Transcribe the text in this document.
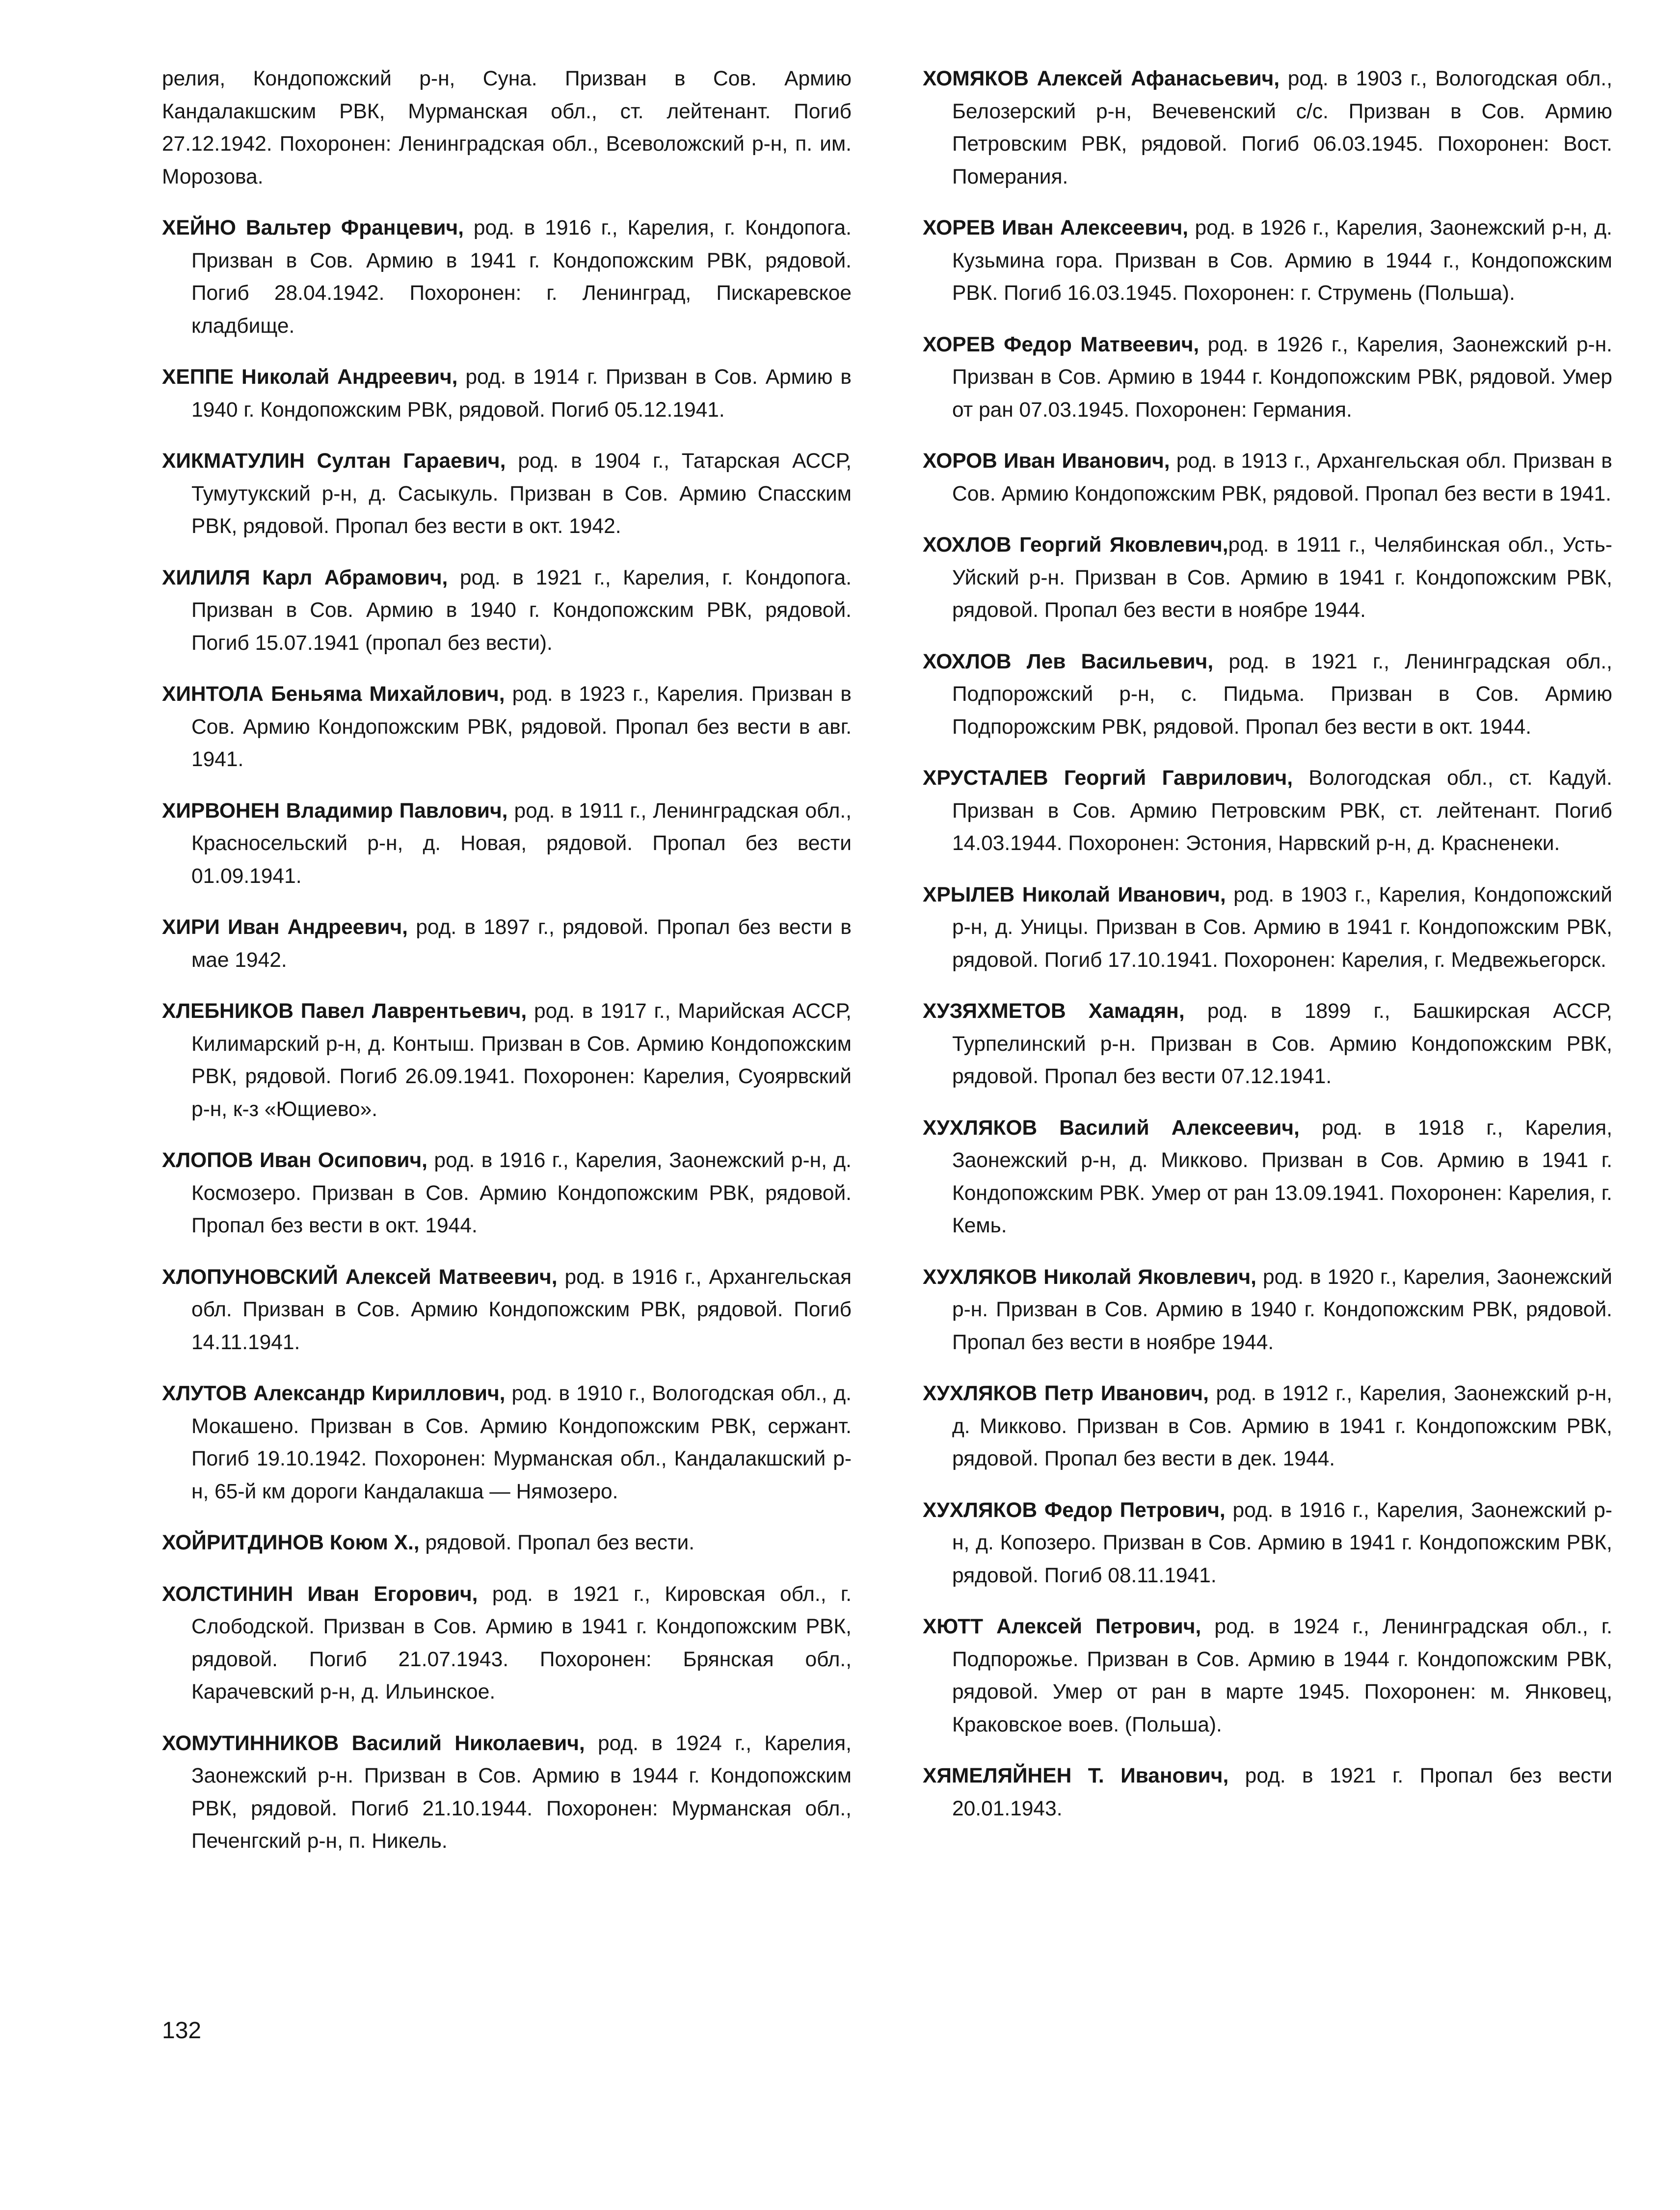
релия, Кондопожский р-н, Суна. Призван в Сов. Армию Кандалакшским РВК, Мурманская обл., ст. лейтенант. Погиб 27.12.1942. Похоронен: Ленинградская обл., Всеволожский р-н, п. им. Морозова.

ХЕЙНО Вальтер Францевич, род. в 1916 г., Карелия, г. Кондопога. Призван в Сов. Армию в 1941 г. Кондопожским РВК, рядовой. Погиб 28.04.1942. Похоронен: г. Ленинград, Пискаревское кладбище.

ХЕППЕ Николай Андреевич, род. в 1914 г. Призван в Сов. Армию в 1940 г. Кондопожским РВК, рядовой. Погиб 05.12.1941.

ХИКМАТУЛИН Султан Гараевич, род. в 1904 г., Татарская АССР, Тумутукский р-н, д. Сасыкуль. Призван в Сов. Армию Спасским РВК, рядовой. Пропал без вести в окт. 1942.

ХИЛИЛЯ Карл Абрамович, род. в 1921 г., Карелия, г. Кондопога. Призван в Сов. Армию в 1940 г. Кондопожским РВК, рядовой. Погиб 15.07.1941 (пропал без вести).

ХИНТОЛА Беньяма Михайлович, род. в 1923 г., Карелия. Призван в Сов. Армию Кондопожским РВК, рядовой. Пропал без вести в авг. 1941.

ХИРВОНЕН Владимир Павлович, род. в 1911 г., Ленинградская обл., Красносельский р-н, д. Новая, рядовой. Пропал без вести 01.09.1941.

ХИРИ Иван Андреевич, род. в 1897 г., рядовой. Пропал без вести в мае 1942.

ХЛЕБНИКОВ Павел Лаврентьевич, род. в 1917 г., Марийская АССР, Килимарский р-н, д. Контыш. Призван в Сов. Армию Кондопожским РВК, рядовой. Погиб 26.09.1941. Похоронен: Карелия, Суоярвский р-н, к-з «Ющиево».

ХЛОПОВ Иван Осипович, род. в 1916 г., Карелия, Заонежский р-н, д. Космозеро. Призван в Сов. Армию Кондопожским РВК, рядовой. Пропал без вести в окт. 1944.

ХЛОПУНОВСКИЙ Алексей Матвеевич, род. в 1916 г., Архангельская обл. Призван в Сов. Армию Кондопожским РВК, рядовой. Погиб 14.11.1941.

ХЛУТОВ Александр Кириллович, род. в 1910 г., Вологодская обл., д. Мокашено. Призван в Сов. Армию Кондопожским РВК, сержант. Погиб 19.10.1942. Похоронен: Мурманская обл., Кандалакшский р-н, 65-й км дороги Кандалакша — Нямозеро.

ХОЙРИТДИНОВ Коюм Х., рядовой. Пропал без вести.

ХОЛСТИНИН Иван Егорович, род. в 1921 г., Кировская обл., г. Слободской. Призван в Сов. Армию в 1941 г. Кондопожским РВК, рядовой. Погиб 21.07.1943. Похоронен: Брянская обл., Карачевский р-н, д. Ильинское.

ХОМУТИННИКОВ Василий Николаевич, род. в 1924 г., Карелия, Заонежский р-н. Призван в Сов. Армию в 1944 г. Кондопожским РВК, рядовой. Погиб 21.10.1944. Похоронен: Мурманская обл., Печенгский р-н, п. Никель.

ХОМЯКОВ Алексей Афанасьевич, род. в 1903 г., Вологодская обл., Белозерский р-н, Вечевенский с/с. Призван в Сов. Армию Петровским РВК, рядовой. Погиб 06.03.1945. Похоронен: Вост. Померания.

ХОРЕВ Иван Алексеевич, род. в 1926 г., Карелия, Заонежский р-н, д. Кузьмина гора. Призван в Сов. Армию в 1944 г., Кондопожским РВК. Погиб 16.03.1945. Похоронен: г. Струмень (Польша).

ХОРЕВ Федор Матвеевич, род. в 1926 г., Карелия, Заонежский р-н. Призван в Сов. Армию в 1944 г. Кондопожским РВК, рядовой. Умер от ран 07.03.1945. Похоронен: Германия.

ХОРОВ Иван Иванович, род. в 1913 г., Архангельская обл. Призван в Сов. Армию Кондопожским РВК, рядовой. Пропал без вести в 1941.

ХОХЛОВ Георгий Яковлевич,род. в 1911 г., Челябинская обл., Усть-Уйский р-н. Призван в Сов. Армию в 1941 г. Кондопожским РВК, рядовой. Пропал без вести в ноябре 1944.

ХОХЛОВ Лев Васильевич, род. в 1921 г., Ленинградская обл., Подпорожский р-н, с. Пидьма. Призван в Сов. Армию Подпорожским РВК, рядовой. Пропал без вести в окт. 1944.

ХРУСТАЛЕВ Георгий Гаврилович, Вологодская обл., ст. Кадуй. Призван в Сов. Армию Петровским РВК, ст. лейтенант. Погиб 14.03.1944. Похоронен: Эстония, Нарвский р-н, д. Красненеки.

ХРЫЛЕВ Николай Иванович, род. в 1903 г., Карелия, Кондопожский р-н, д. Уницы. Призван в Сов. Армию в 1941 г. Кондопожским РВК, рядовой. Погиб 17.10.1941. Похоронен: Карелия, г. Медвежьегорск.

ХУЗЯХМЕТОВ Хамадян, род. в 1899 г., Башкирская АССР, Турпелинский р-н. Призван в Сов. Армию Кондопожским РВК, рядовой. Пропал без вести 07.12.1941.

ХУХЛЯКОВ Василий Алексеевич, род. в 1918 г., Карелия, Заонежский р-н, д. Микково. Призван в Сов. Армию в 1941 г. Кондопожским РВК. Умер от ран 13.09.1941. Похоронен: Карелия, г. Кемь.

ХУХЛЯКОВ Николай Яковлевич, род. в 1920 г., Карелия, Заонежский р-н. Призван в Сов. Армию в 1940 г. Кондопожским РВК, рядовой. Пропал без вести в ноябре 1944.

ХУХЛЯКОВ Петр Иванович, род. в 1912 г., Карелия, Заонежский р-н, д. Микково. Призван в Сов. Армию в 1941 г. Кондопожским РВК, рядовой. Пропал без вести в дек. 1944.

ХУХЛЯКОВ Федор Петрович, род. в 1916 г., Карелия, Заонежский р-н, д. Копозеро. Призван в Сов. Армию в 1941 г. Кондопожским РВК, рядовой. Погиб 08.11.1941.

ХЮТТ Алексей Петрович, род. в 1924 г., Ленинградская обл., г. Подпорожье. Призван в Сов. Армию в 1944 г. Кондопожским РВК, рядовой. Умер от ран в марте 1945. Похоронен: м. Янковец, Краковское воев. (Польша).

ХЯМЕЛЯЙНЕН Т. Иванович, род. в 1921 г. Пропал без вести 20.01.1943.

132
